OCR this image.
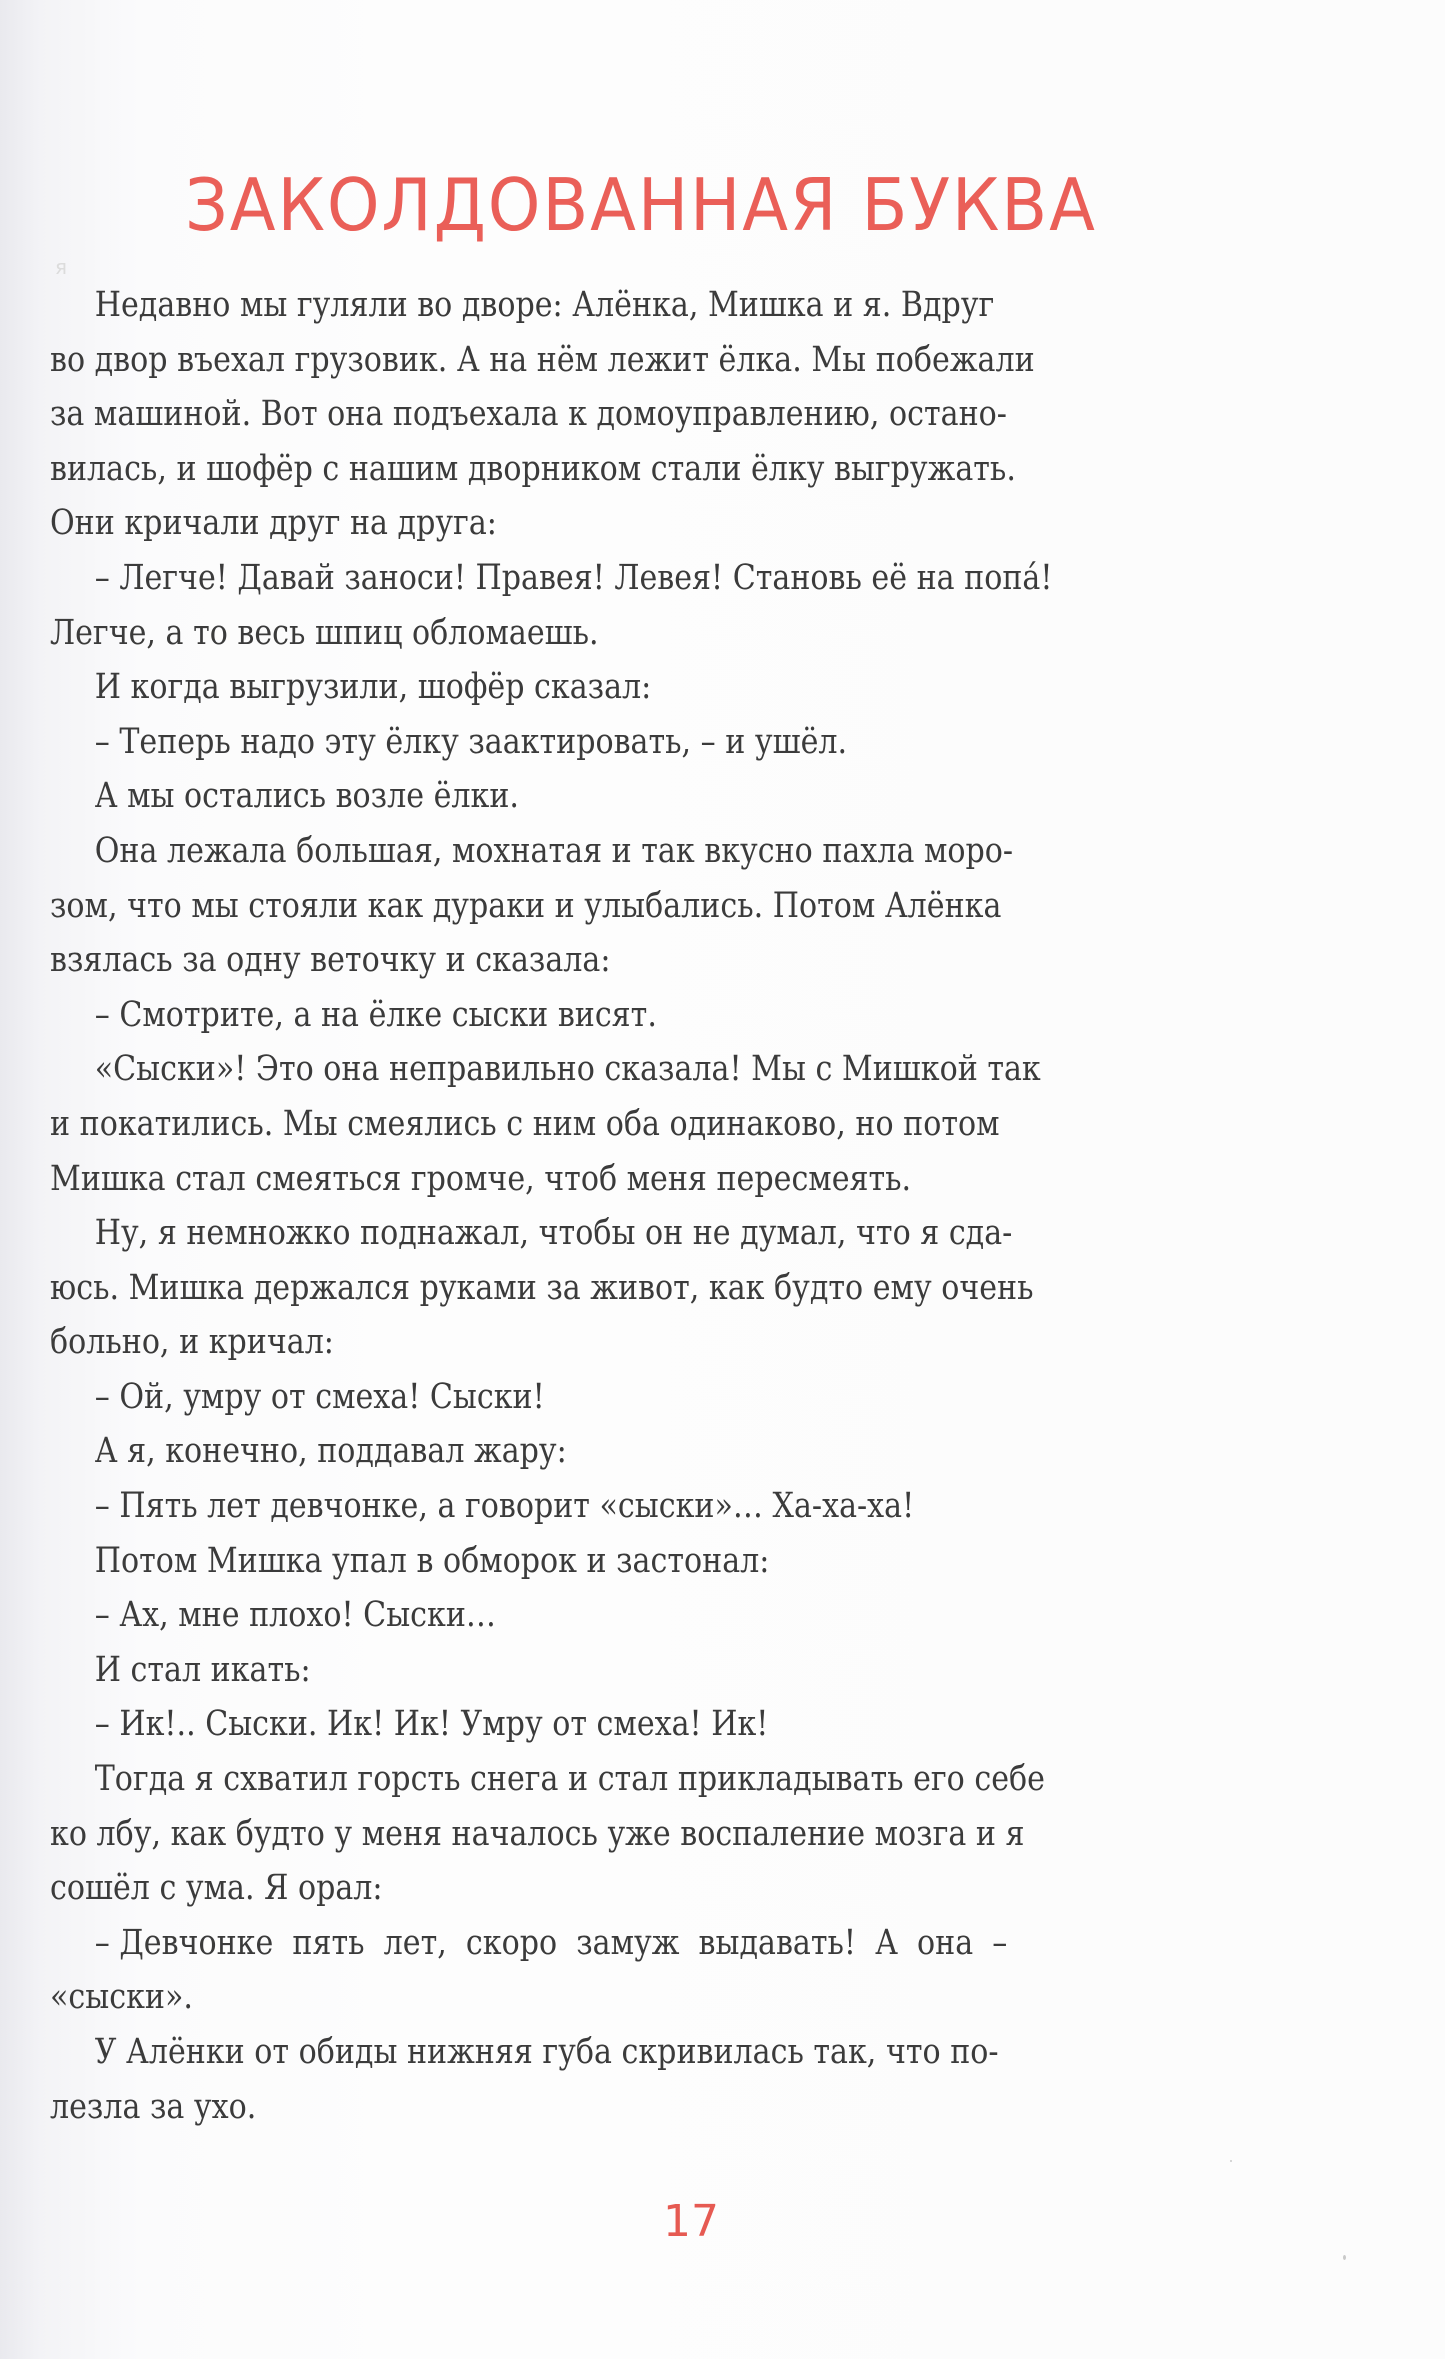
я
ЗАКОЛДОВАННАЯ БУКВА
Недавно мы гуляли во дворе: Алёнка, Мишка и я. Вдруг
во двор въехал грузовик. А на нём лежит ёлка. Мы побежали
за машиной. Вот она подъехала к домоуправлению, остано-
вилась, и шофёр с нашим дворником стали ёлку выгружать.
Они кричали друг на друга:
– Легче! Давай заноси! Правея! Левея! Становь её на попá!
Легче, а то весь шпиц обломаешь.
И когда выгрузили, шофёр сказал:
– Теперь надо эту ёлку заактировать, – и ушёл.
А мы остались возле ёлки.
Она лежала большая, мохнатая и так вкусно пахла моро-
зом, что мы стояли как дураки и улыбались. Потом Алёнка
взялась за одну веточку и сказала:
– Смотрите, а на ёлке сыски висят.
«Сыски»! Это она неправильно сказала! Мы с Мишкой так
и покатились. Мы смеялись с ним оба одинаково, но потом
Мишка стал смеяться громче, чтоб меня пересмеять.
Ну, я немножко поднажал, чтобы он не думал, что я сда-
юсь. Мишка держался руками за живот, как будто ему очень
больно, и кричал:
– Ой, умру от смеха! Сыски!
А я, конечно, поддавал жару:
– Пять лет девчонке, а говорит «сыски»… Ха-ха-ха!
Потом Мишка упал в обморок и застонал:
– Ах, мне плохо! Сыски…
И стал икать:
– Ик!.. Сыски. Ик! Ик! Умру от смеха! Ик!
Тогда я схватил горсть снега и стал прикладывать его себе
ко лбу, как будто у меня началось уже воспаление мозга и я
сошёл с ума. Я орал:
– Девчонке  пять  лет,  скоро  замуж  выдавать!  А  она  –
«сыски».
У Алёнки от обиды нижняя губа скривилась так, что по-
лезла за ухо.
17
